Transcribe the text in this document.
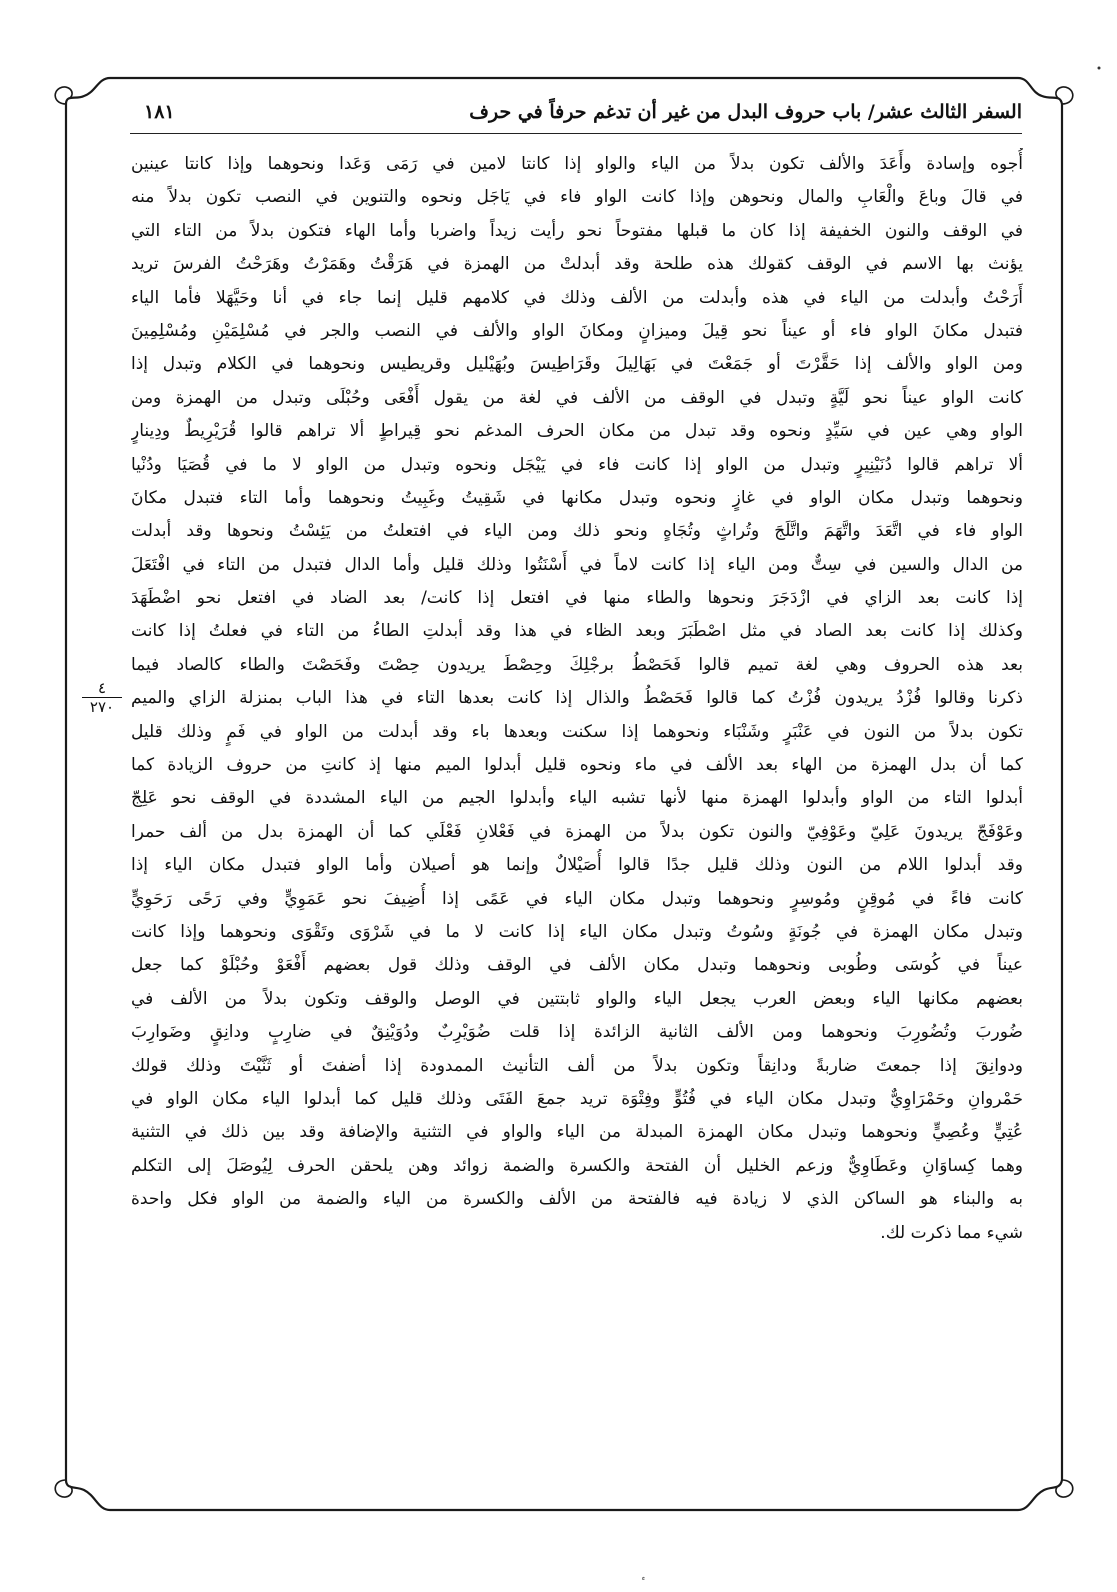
السفر الثالث عشر/ باب حروف البدل من غير أن تدغم حرفاً في حرف
١٨١
٤
٢٧٠
أُجوه وإسادة وأَعَدَ والألف تكون بدلاً من الياء والواو إذا كانتا لامين في رَمَى وَعَدا ونحوهما وإذا كانتا عينين
في قالَ وباعَ والْعَابِ والمال ونحوهن وإذا كانت الواو فاء في يَاجَل ونحوه والتنوين في النصب تكون بدلاً منه
في الوقف والنون الخفيفة إذا كان ما قبلها مفتوحاً نحو رأيت زيداً واضربا وأما الهاء فتكون بدلاً من التاء التي
يؤنث بها الاسم في الوقف كقولك هذه طلحة وقد أبدلتْ من الهمزة في هَرَقْتُ وهَمَرْتُ وهَرَحْتُ الفرسَ تريد
أَرَحْتُ وأبدلت من الياء في هذه وأبدلت من الألف وذلك في كلامهم قليل إنما جاء في أنا وحَيَّهَلا فأما الياء
فتبدل مكانَ الواو فاء أو عيناً نحو قِيلَ وميزانٍ ومكانَ الواو والألف في النصب والجر في مُسْلِمَيْنِ ومُسْلِمِينَ
ومن الواو والألف إذا حَقَّرْتَ أو جَمَعْتَ في بَهَالِيلَ وقَرَاطِيسَ وبُهَيْليل وقريطيس ونحوهما في الكلام وتبدل إذا
كانت الواو عيناً نحو لَيَّةٍ وتبدل في الوقف من الألف في لغة من يقول أَفْعَى وحُبْلَى وتبدل من الهمزة ومن
الواو وهي عين في سَيِّدٍ ونحوه وقد تبدل من مكان الحرف المدغم نحو قِيراطٍ ألا تراهم قالوا قُرَيْرِيطٌ ودِينارٍ
ألا تراهم قالوا دُنَيْنِيرٍ وتبدل من الواو إذا كانت فاء في يَيْجَل ونحوه وتبدل من الواو لا ما في قُصَيَا ودُنْيا
ونحوهما وتبدل مكان الواو في غازٍ ونحوه وتبدل مكانها في شَقِيتُ وغَبِيتُ ونحوهما وأما التاء فتبدل مكانَ
الواو فاء في اتَّعَدَ واتَّهَمَ واتَّلَجَ وتُراثٍ وتُجَاهٍ ونحو ذلك ومن الياء في افتعلتُ من يَئِسْتُ ونحوها وقد أبدلت
من الدال والسين في سِتٌّ ومن الياء إذا كانت لاماً في أَسْنَتُوا وذلك قليل وأما الدال فتبدل من التاء في افْتَعَلَ
إذا كانت بعد الزاي في ازْدَجَرَ ونحوها والطاء منها في افتعل إذا كانت/ بعد الضاد في افتعل نحو اضْطَهَدَ
وكذلك إذا كانت بعد الصاد في مثل اصْطَبَرَ وبعد الظاء في هذا وقد أبدلتِ الطاءُ من التاء في فعلتُ إذا كانت
بعد هذه الحروف وهي لغة تميم قالوا فَحَصْطُ برجْلِكَ وحِصْطَ يريدون حِصْتَ وفَحَصْتَ والطاء كالصاد فيما
ذكرنا وقالوا فُزْدُ يريدون فُزْتُ كما قالوا فَحَصْطُ والذال إذا كانت بعدها التاء في هذا الباب بمنزلة الزاي والميم
تكون بدلاً من النون في عَنْبَرٍ وشَنْبَاء ونحوهما إذا سكنت وبعدها باء وقد أبدلت من الواو في فَمٍ وذلك قليل
كما أن بدل الهمزة من الهاء بعد الألف في ماء ونحوه قليل أبدلوا الميم منها إذ كانتِ من حروف الزيادة كما
أبدلوا التاء من الواو وأبدلوا الهمزة منها لأنها تشبه الياء وأبدلوا الجيم من الياء المشددة في الوقف نحو عَلِجّ
وعَوْفَجّ يريدونَ عَلِيّ وعَوْفِيّ والنون تكون بدلاً من الهمزة في فَعْلانِ فَعْلَي كما أن الهمزة بدل من ألف حمرا
وقد أبدلوا اللام من النون وذلك قليل جدًا قالوا أُصَيْلالٌ وإنما هو أصيلان وأما الواو فتبدل مكان الياء إذا
كانت فاءً في مُوقِنٍ ومُوسِرٍ ونحوهما وتبدل مكان الياء في عَمًى إذا أُضِيفَ نحو عَمَوِيٍّ وفي رَحًى رَحَوِيٍّ
وتبدل مكان الهمزة في جُونَةٍ وسُوتُ وتبدل مكان الياء إذا كانت لا ما في شَرْوَى وتَقْوَى ونحوهما وإذا كانت
عيناً في كُوسَى وطُوبى ونحوهما وتبدل مكان الألف في الوقف وذلك قول بعضهم أَفْعَوْ وحُبْلَوْ كما جعل
بعضهم مكانها الياء وبعض العرب يجعل الياء والواو ثابتتين في الوصل والوقف وتكون بدلاً من الألف في
ضُوربَ وتُضُورِبَ ونحوهما ومن الألف الثانية الزائدة إذا قلت ضُوَيْرِبٌ ودُوَيْنِقٌ في ضارِبٍ ودانِقٍ وضَوارِبَ
ودوانِقَ إذا جمعتَ ضاربةً ودانِقاً وتكون بدلاً من ألف التأنيث الممدودة إذا أضفتَ أو ثَنَّيْتَ وذلك قولك
حَمْروانِ وحَمْرَاوِيٌّ وتبدل مكان الياء في فُتُوٍّ وفِتْوَة تريد جمعَ الفَتَى وذلك قليل كما أبدلوا الياء مكان الواو في
عُتِيٍّ وعُصِيٍّ ونحوهما وتبدل مكان الهمزة المبدلة من الياء والواو في التثنية والإضافة وقد بين ذلك في التثنية
وهما كِساوَانِ وعَطَاوِيٌّ وزعم الخليل أن الفتحة والكسرة والضمة زوائد وهن يلحقن الحرف لِيُوصَلَ إلى التكلم
به والبناء هو الساكن الذي لا زيادة فيه فالفتحة من الألف والكسرة من الياء والضمة من الواو فكل واحدة
شيء مما ذكرت لك.
